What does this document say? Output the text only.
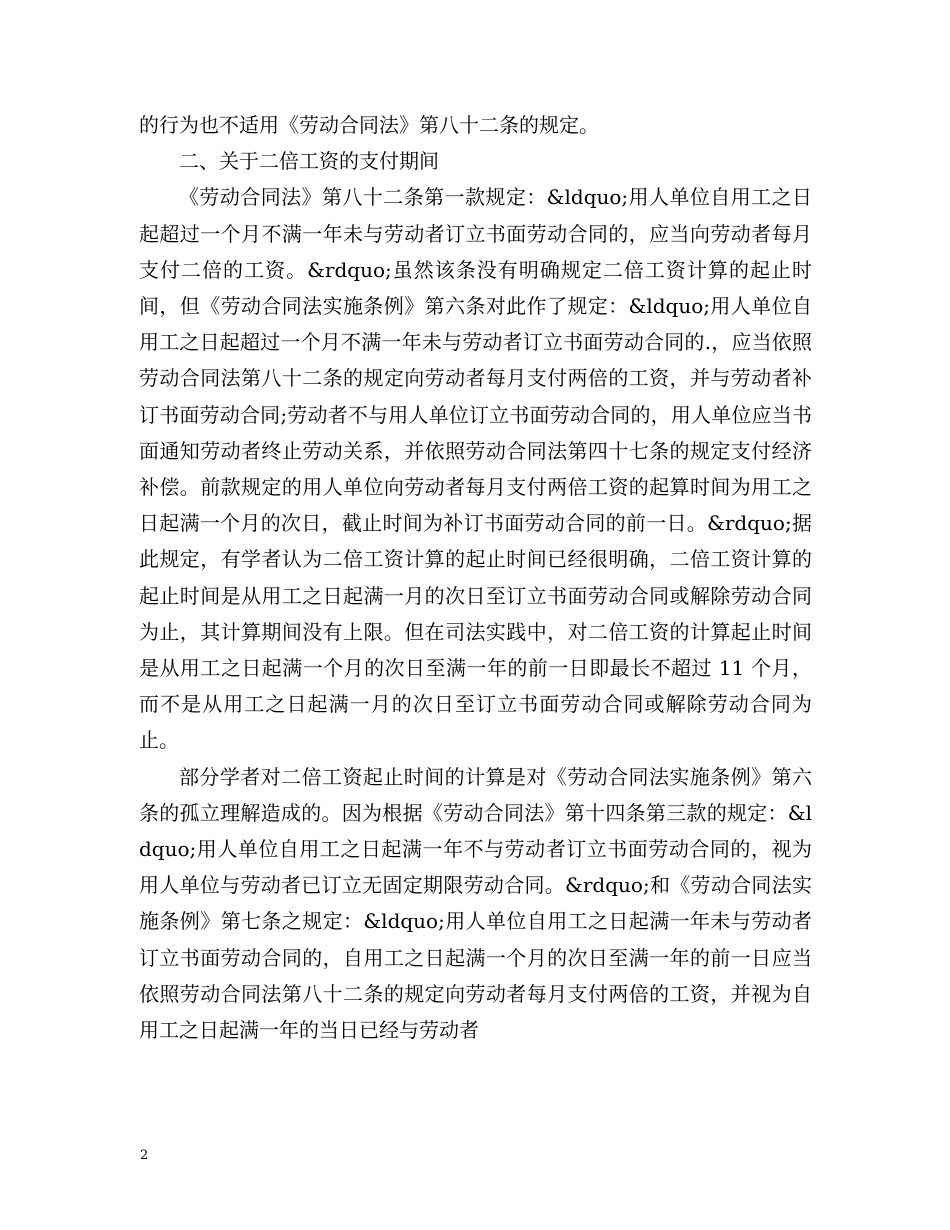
的行为也不适用《劳动合同法》第八十二条的规定。

二、关于二倍工资的支付期间

《劳动合同法》第八十二条第一款规定：&ldquo;用人单位自用工之日起超过一个月不满一年未与劳动者订立书面劳动合同的，应当向劳动者每月支付二倍的工资。&rdquo;虽然该条没有明确规定二倍工资计算的起止时间，但《劳动合同法实施条例》第六条对此作了规定：&ldquo;用人单位自用工之日起超过一个月不满一年未与劳动者订立书面劳动合同的.，应当依照劳动合同法第八十二条的规定向劳动者每月支付两倍的工资，并与劳动者补订书面劳动合同;劳动者不与用人单位订立书面劳动合同的，用人单位应当书面通知劳动者终止劳动关系，并依照劳动合同法第四十七条的规定支付经济补偿。前款规定的用人单位向劳动者每月支付两倍工资的起算时间为用工之日起满一个月的次日，截止时间为补订书面劳动合同的前一日。&rdquo;据此规定，有学者认为二倍工资计算的起止时间已经很明确，二倍工资计算的起止时间是从用工之日起满一月的次日至订立书面劳动合同或解除劳动合同为止，其计算期间没有上限。但在司法实践中，对二倍工资的计算起止时间是从用工之日起满一个月的次日至满一年的前一日即最长不超过 11 个月，而不是从用工之日起满一月的次日至订立书面劳动合同或解除劳动合同为止。

部分学者对二倍工资起止时间的计算是对《劳动合同法实施条例》第六条的孤立理解造成的。因为根据《劳动合同法》第十四条第三款的规定：&ldquo;用人单位自用工之日起满一年不与劳动者订立书面劳动合同的，视为用人单位与劳动者已订立无固定期限劳动合同。&rdquo;和《劳动合同法实施条例》第七条之规定：&ldquo;用人单位自用工之日起满一年未与劳动者订立书面劳动合同的，自用工之日起满一个月的次日至满一年的前一日应当依照劳动合同法第八十二条的规定向劳动者每月支付两倍的工资，并视为自用工之日起满一年的当日已经与劳动者

2
